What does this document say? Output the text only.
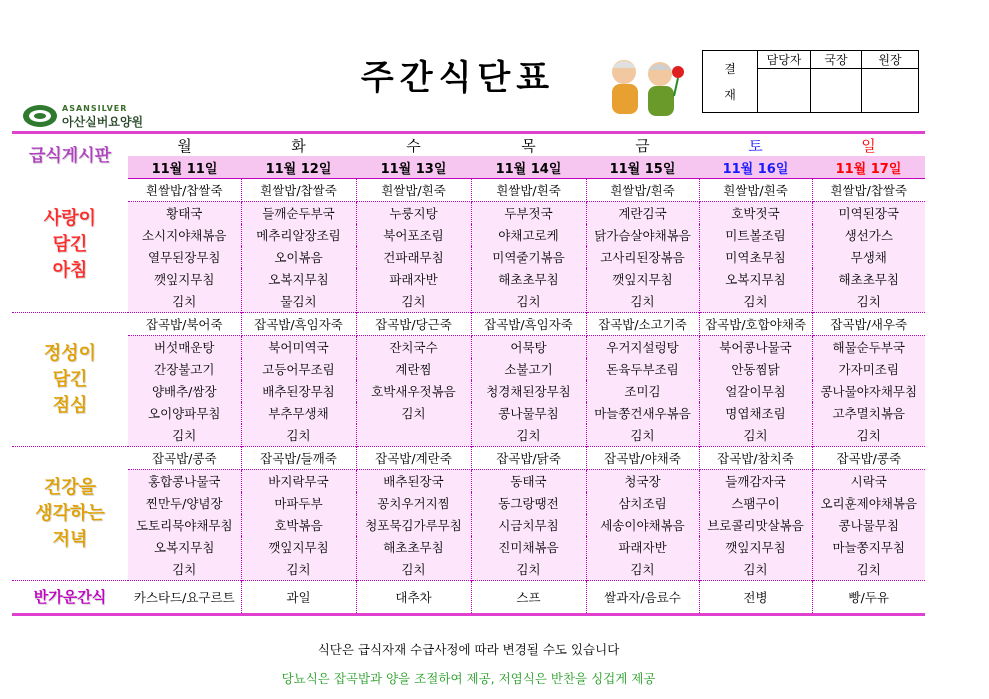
주간식단표
ASANSILVER
아산실버요양원
결
재	담당자	국장	원장

급식게시판	월	화	수	목	금	토	일
	11월 11일	11월 12일	11월 13일	11월 14일	11월 15일	11월 16일	11월 17일

사랑이
담긴
아침	흰쌀밥/찹쌀죽	흰쌀밥/찹쌀죽	흰쌀밥/흰죽	흰쌀밥/흰죽	흰쌀밥/흰죽	흰쌀밥/흰죽	흰쌀밥/찹쌀죽
	황태국	들깨순두부국	누룽지탕	두부젓국	계란김국	호박젓국	미역된장국
	소시지야채볶음	메추리알장조림	북어포조림	야채고로케	닭가슴살야채볶음	미트볼조림	생선가스
	열무된장무침	오이볶음	건파래무침	미역줄기볶음	고사리된장볶음	미역초무침	무생채
	깻잎지무침	오복지무침	파래자반	해초초무침	깻잎지무침	오복지무침	해초초무침
	김치	물김치	김치	김치	김치	김치	김치

정성이
담긴
점심	잡곡밥/북어죽	잡곡밥/흑임자죽	잡곡밥/당근죽	잡곡밥/흑임자죽	잡곡밥/소고기죽	잡곡밥/호합야채죽	잡곡밥/새우죽
	버섯매운탕	북어미역국	잔치국수	어묵탕	우거지설렁탕	북어콩나물국	해물순두부국
	간장불고기	고등어무조림	계란찜	소불고기	돈육두부조림	안동찜닭	가자미조림
	양배추/쌈장	배추된장무침	호박새우젓볶음	청경채된장무침	조미김	얼갈이무침	콩나물야자채무침
	오이양파무침	부추무생채	김치	콩나물무침	마늘쫑건새우볶음	명엽채조림	고추멸치볶음
	김치	김치		김치	김치	김치	김치

건강을
생각하는
저녁	잡곡밥/콩죽	잡곡밥/들깨죽	잡곡밥/계란죽	잡곡밥/닭죽	잡곡밥/야채죽	잡곡밥/참치죽	잡곡밥/콩죽
	홍합콩나물국	바지락무국	배추된장국	동태국	청국장	들깨감자국	시락국
	찐만두/양념장	마파두부	꽁치우거지찜	동그랑땡전	삼치조림	스팸구이	오리훈제야채볶음
	도토리묵야채무침	호박볶음	청포묵김가루무침	시금치무침	세송이야채볶음	브로콜리맛살볶음	콩나물무침
	오복지무침	깻잎지무침	해초초무침	진미채볶음	파래자반	깻잎지무침	마늘쫑지무침
	김치	김치	김치	김치	김치	김치	김치
반가운간식	카스타드/요구르트	과일	대추차	스프	쌀과자/음료수	전병	빵/두유
식단은 급식자재 수급사정에 따라 변경될 수도 있습니다
당뇨식은 잡곡밥과 양을 조절하여 제공, 저염식은 반찬을 싱겁게 제공
